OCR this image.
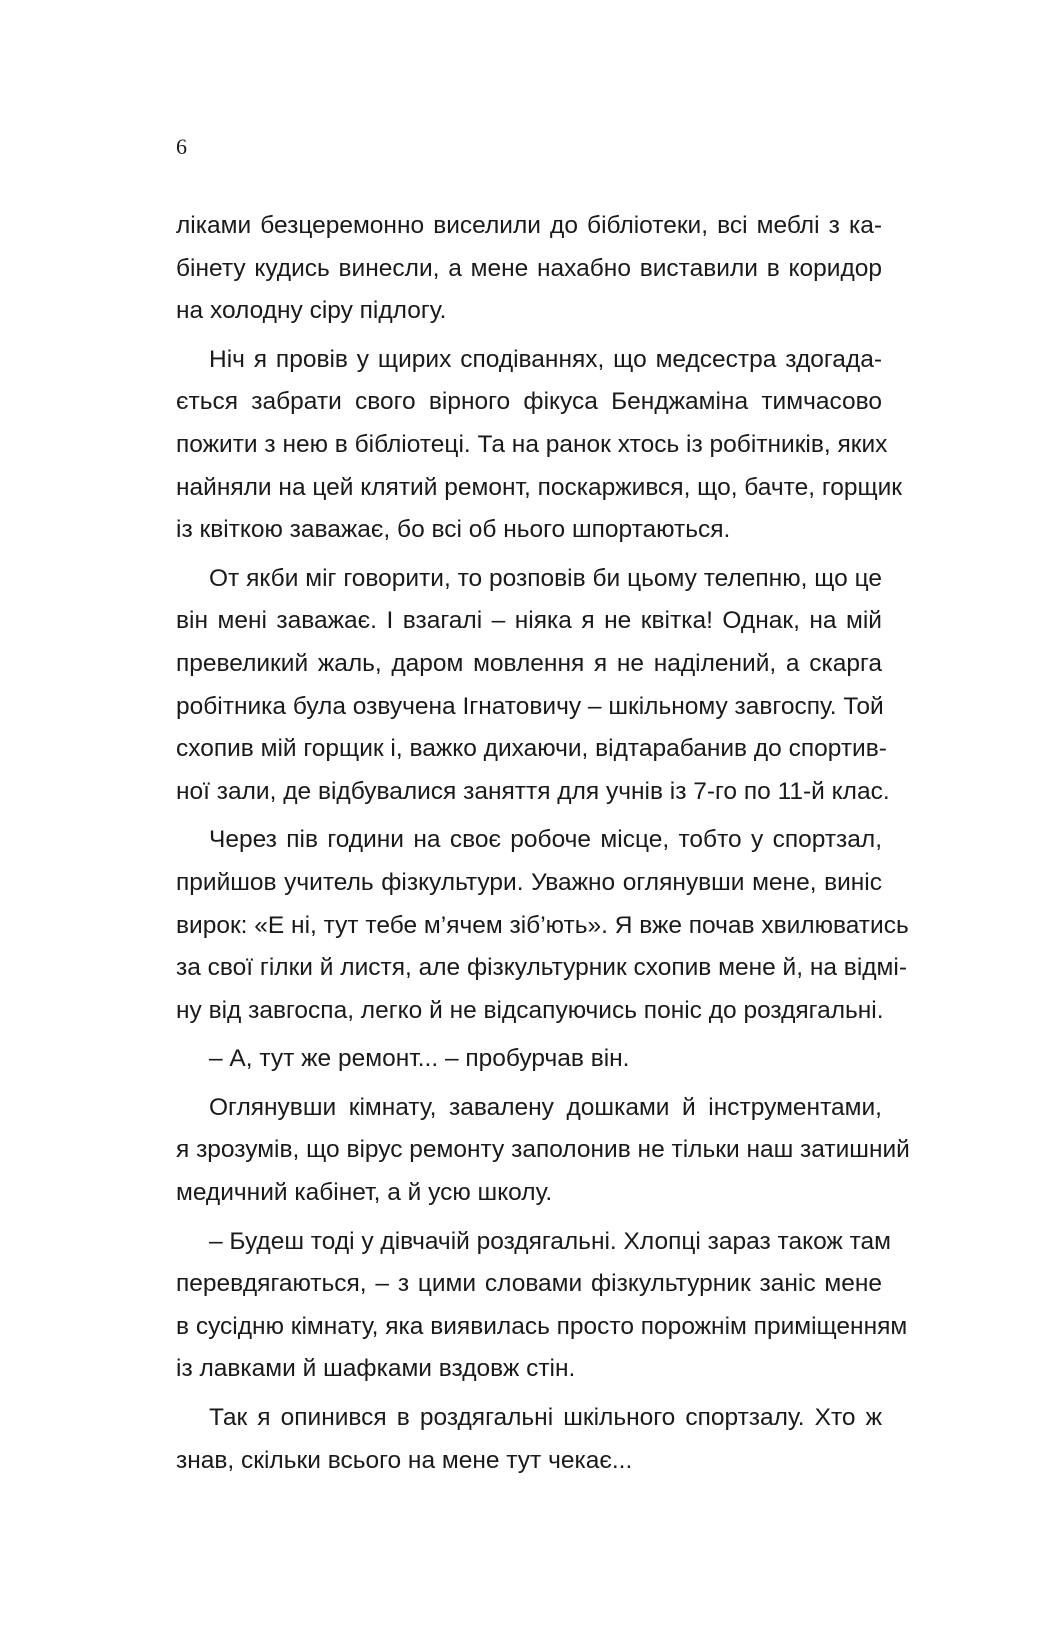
6
ліками безцеремонно виселили до бібліотеки, всі меблі з ка-
бінету кудись винесли, а мене нахабно виставили в коридор
на холодну сіру підлогу.
Ніч я провів у щирих сподіваннях, що медсестра здогада-
ється забрати свого вірного фікуса Бенджаміна тимчасово
пожити з нею в бібліотеці. Та на ранок хтось із робітників, яких
найняли на цей клятий ремонт, поскаржився, що, бачте, горщик
із квіткою заважає, бо всі об нього шпортаються.
От якби міг говорити, то розповів би цьому телепню, що це
він мені заважає. І взагалі – ніяка я не квітка! Однак, на мій
превеликий жаль, даром мовлення я не наділений, а скарга
робітника була озвучена Ігнатовичу – шкільному завгоспу. Той
схопив мій горщик і, важко дихаючи, відтарабанив до спортив-
ної зали, де відбувалися заняття для учнів із 7-го по 11-й клас.
Через пів години на своє робоче місце, тобто у спортзал,
прийшов учитель фізкультури. Уважно оглянувши мене, виніс
вирок: «Е ні, тут тебе м’ячем зіб’ють». Я вже почав хвилюватись
за свої гілки й листя, але фізкультурник схопив мене й, на відмі-
ну від завгоспа, легко й не відсапуючись поніс до роздягальні.
– А, тут же ремонт... – пробурчав він.
Оглянувши кімнату, завалену дошками й інструментами,
я зрозумів, що вірус ремонту заполонив не тільки наш затишний
медичний кабінет, а й усю школу.
– Будеш тоді у дівчачій роздягальні. Хлопці зараз також там
перевдягаються, – з цими словами фізкультурник заніс мене
в сусідню кімнату, яка виявилась просто порожнім приміщенням
із лавками й шафками вздовж стін.
Так я опинився в роздягальні шкільного спортзалу. Хто ж
знав, скільки всього на мене тут чекає...
